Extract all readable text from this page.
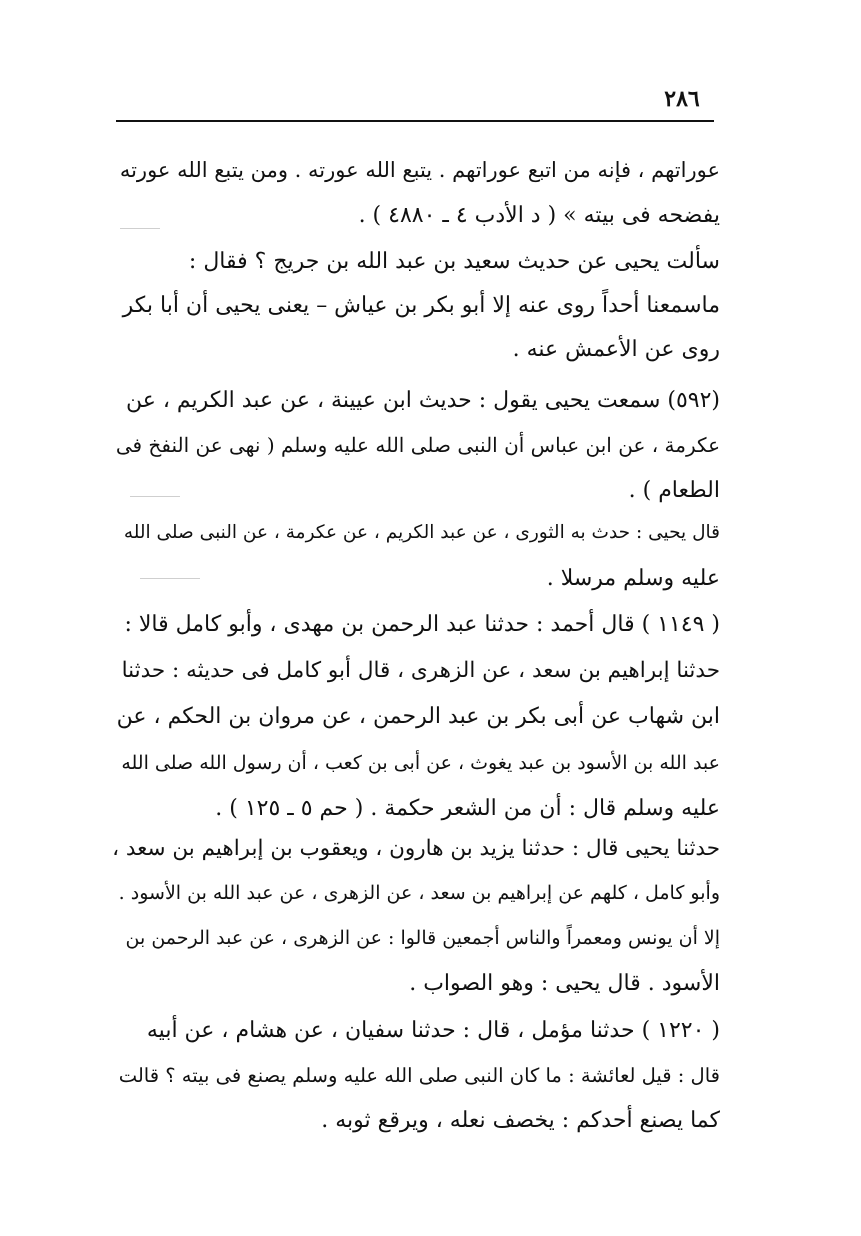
٢٨٦
عوراتهم ، فإنه من اتبع عوراتهم . يتبع الله عورته . ومن يتبع الله عورته
يفضحه فى بيته » ( د الأدب ٤ ـ ٤٨٨٠ ) .
سألت يحيى عن حديث سعيد بن عبد الله بن جريج ؟ فقال :
ماسمعنا أحداً روى عنه إلا أبو بكر بن عياش – يعنى يحيى أن أبا بكر
روى عن الأعمش عنه .
(٥٩٢) سمعت يحيى يقول : حديث ابن عيينة ، عن عبد الكريم ، عن
عكرمة ، عن ابن عباس أن النبى صلى الله عليه وسلم ( نهى عن النفخ فى
الطعام ) .
قال يحيى : حدث به الثورى ، عن عبد الكريم ، عن عكرمة ، عن النبى صلى الله
عليه وسلم مرسلا .
( ١١٤٩ ) قال أحمد : حدثنا عبد الرحمن بن مهدى ، وأبو كامل قالا :
حدثنا إبراهيم بن سعد ، عن الزهرى ، قال أبو كامل فى حديثه : حدثنا
ابن شهاب عن أبى بكر بن عبد الرحمن ، عن مروان بن الحكم ، عن
عبد الله بن الأسود بن عبد يغوث ، عن أبى بن كعب ، أن رسول الله صلى الله
عليه وسلم قال : أن من الشعر حكمة . ( حم ٥ ـ ١٢٥ ) .
حدثنا يحيى قال : حدثنا يزيد بن هارون ، ويعقوب بن إبراهيم بن سعد ،
وأبو كامل ، كلهم عن إبراهيم بن سعد ، عن الزهرى ، عن عبد الله بن الأسود .
إلا أن يونس ومعمراً والناس أجمعين قالوا : عن الزهرى ، عن عبد الرحمن بن
الأسود . قال يحيى : وهو الصواب .
( ١٢٢٠ ) حدثنا مؤمل ، قال : حدثنا سفيان ، عن هشام ، عن أبيه
قال : قيل لعائشة : ما كان النبى صلى الله عليه وسلم يصنع فى بيته ؟ قالت
كما يصنع أحدكم : يخصف نعله ، ويرقع ثوبه .
